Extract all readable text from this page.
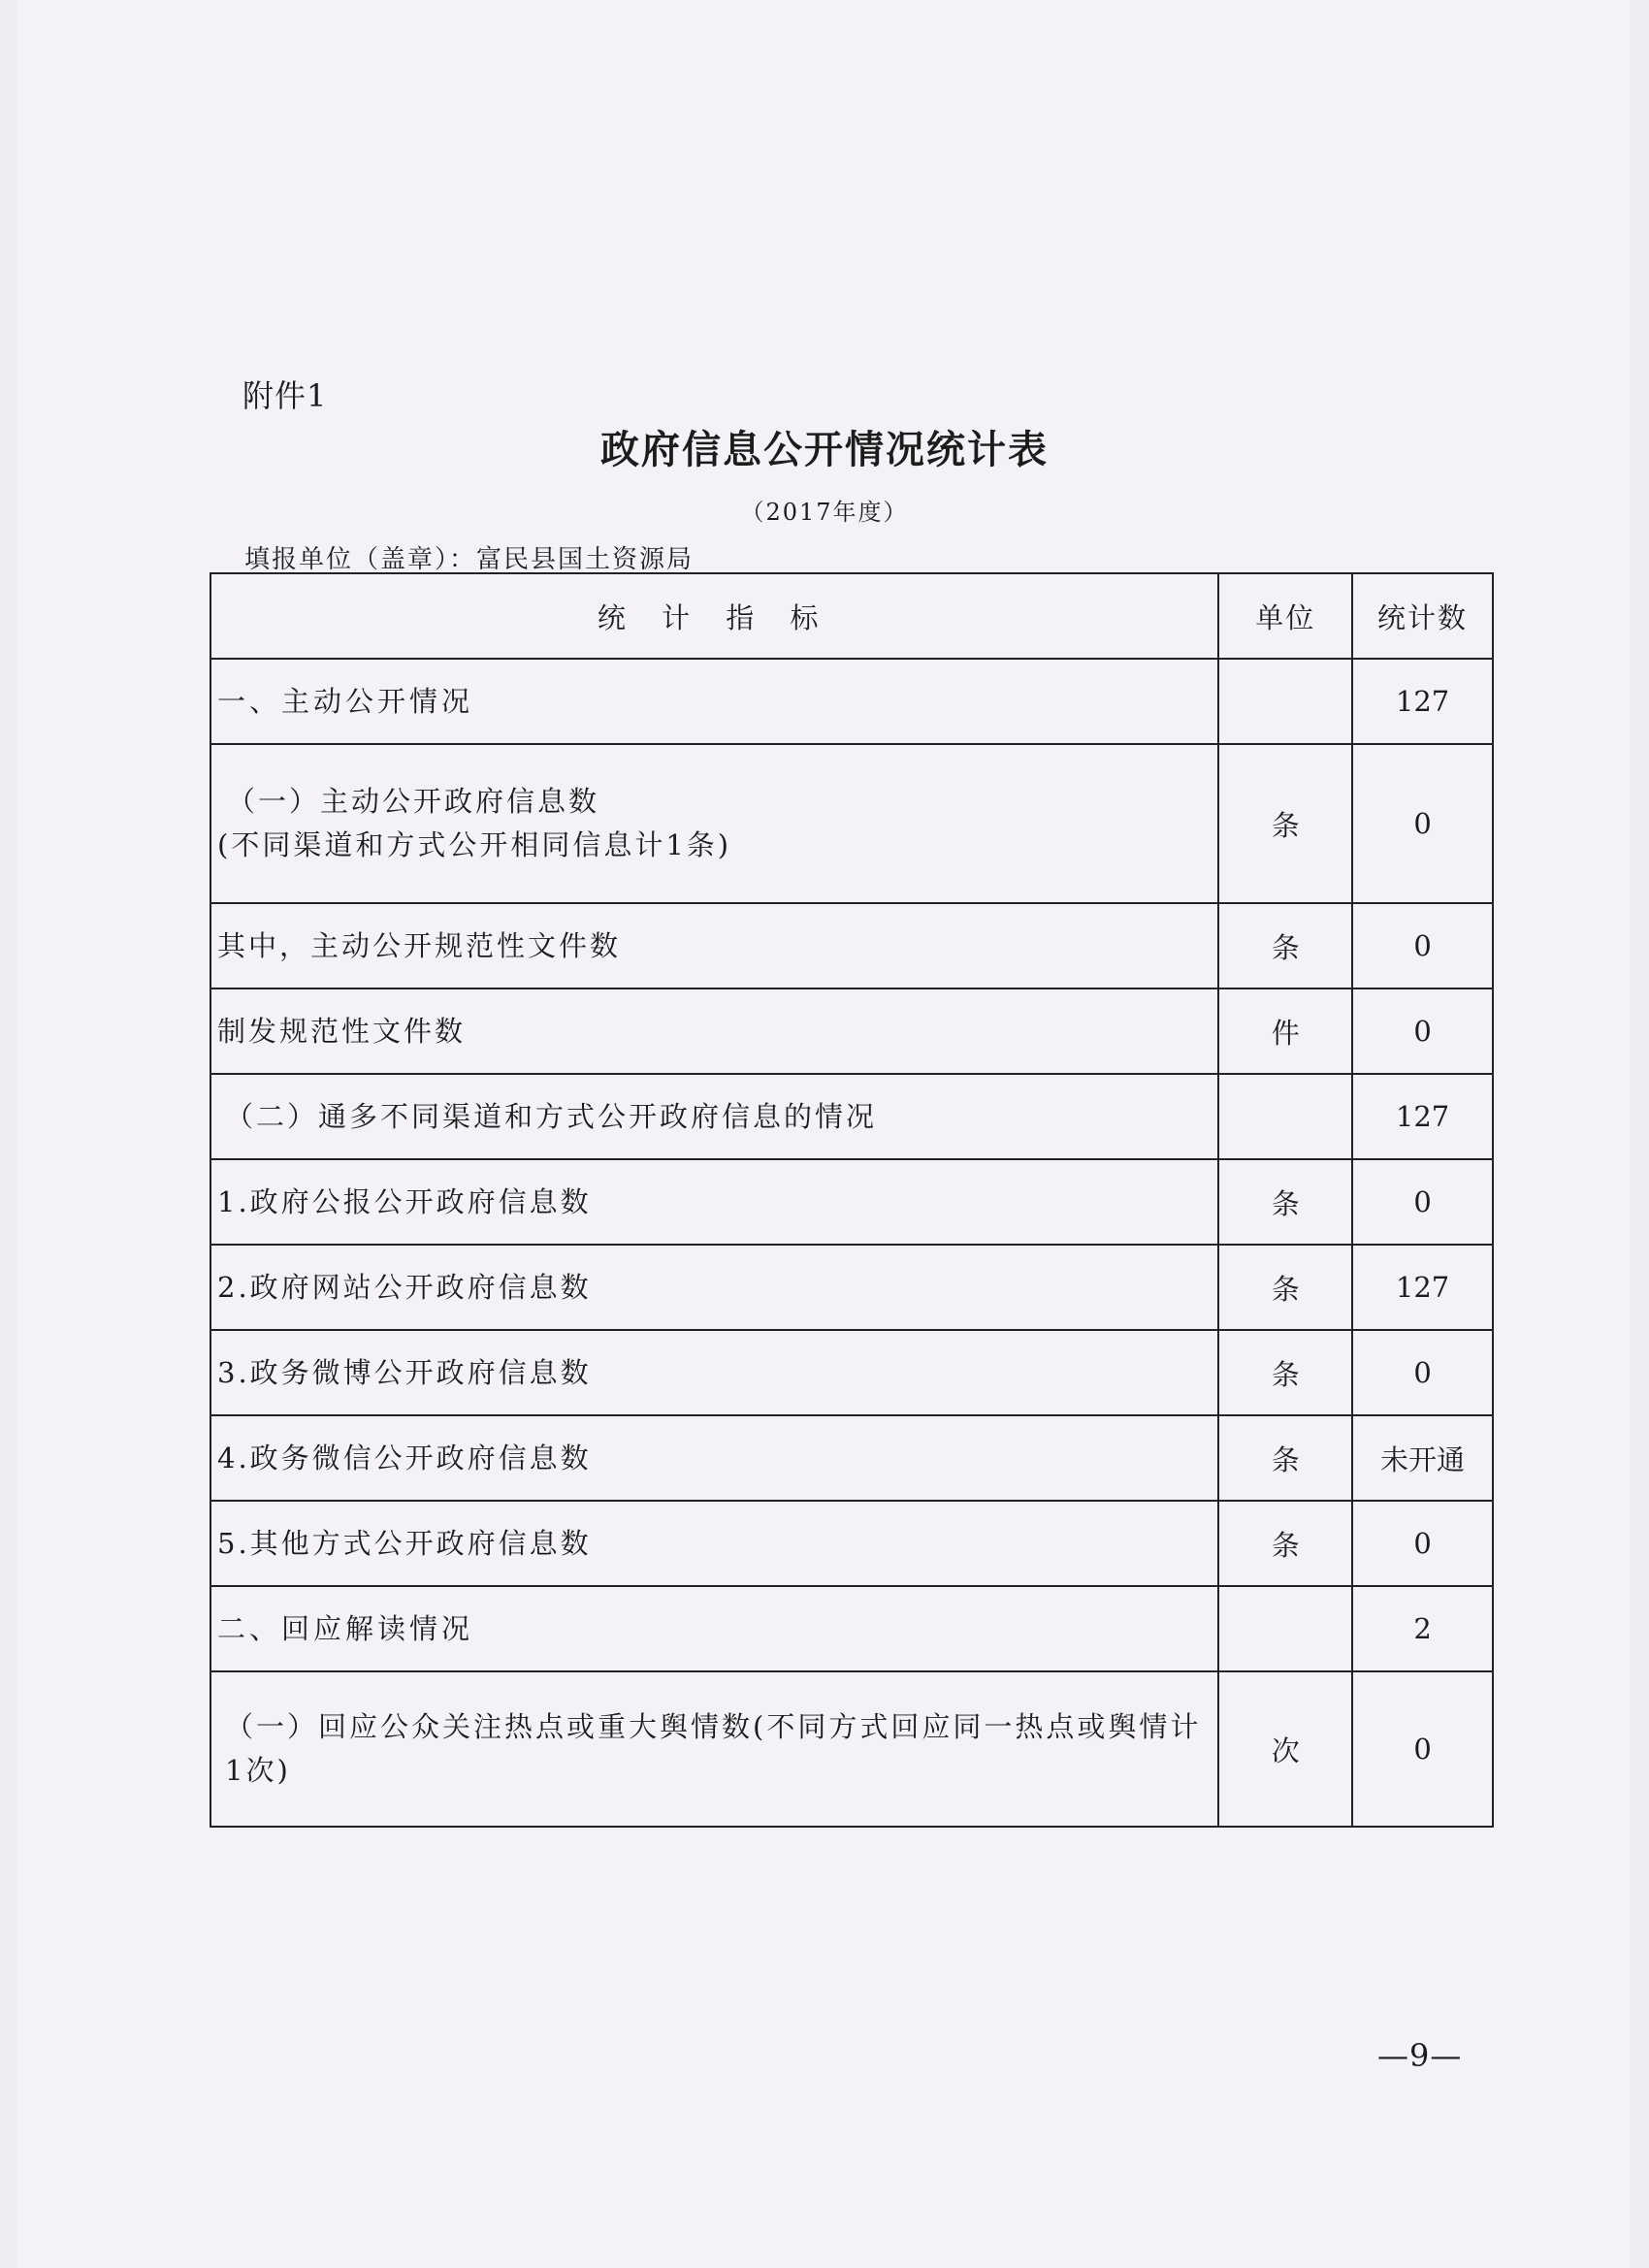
附件1
政府信息公开情况统计表
（2017年度）
填报单位（盖章）：富民县国土资源局
统 计 指 标	单位	统计数
一、主动公开情况		127

（一）主动公开政府信息数
(不同渠道和方式公开相同信息计1条)	条	0
其中，主动公开规范性文件数	条	0
制发规范性文件数	件	0
（二）通多不同渠道和方式公开政府信息的情况		127
1.政府公报公开政府信息数	条	0
2.政府网站公开政府信息数	条	127
3.政务微博公开政府信息数	条	0
4.政务微信公开政府信息数	条	未开通
5.其他方式公开政府信息数	条	0
二、回应解读情况		2
（一）回应公众关注热点或重大舆情数(不同方式回应同一热点或舆情计1次)	次	0
—9—
